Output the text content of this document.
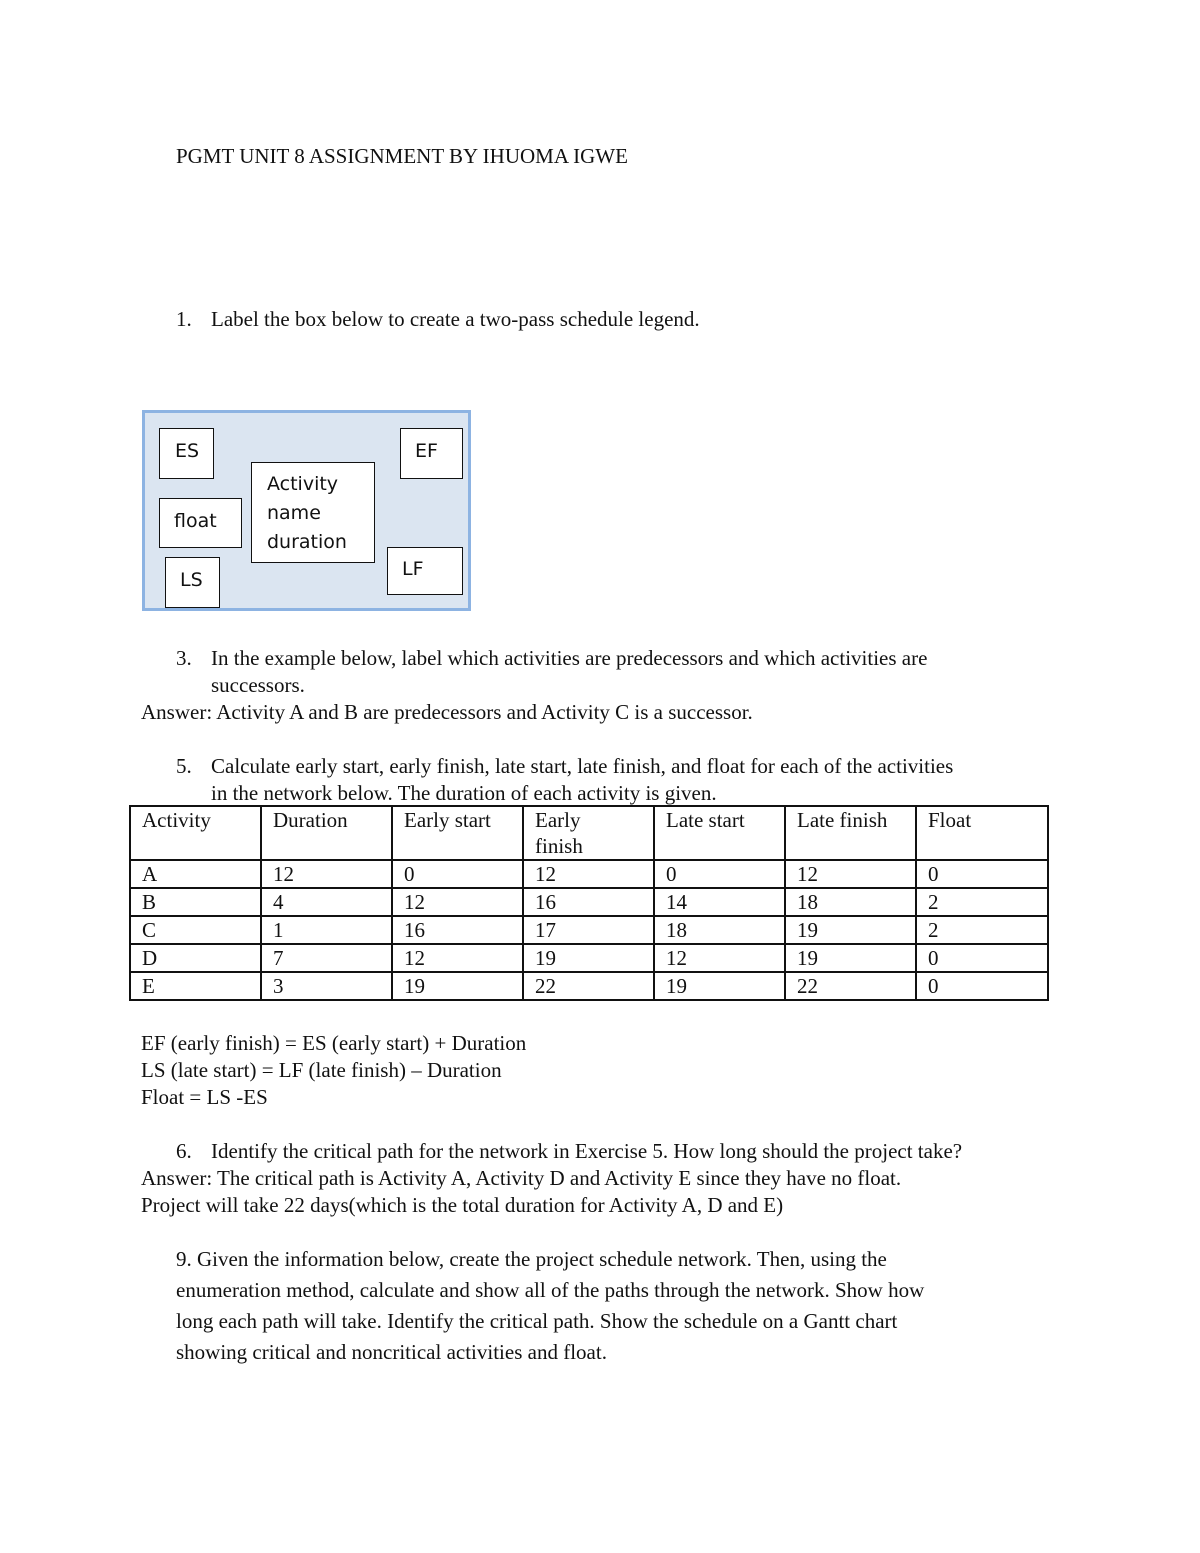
PGMT UNIT 8 ASSIGNMENT BY IHUOMA IGWE
1. Label the box below to create a two-pass schedule legend.
ES	EF
Activity
name
duration
float
LS	LF
3. In the example below, label which activities are predecessors and which activities are
successors.
Answer: Activity A and B are predecessors and Activity C is a successor.
5. Calculate early start, early finish, late start, late finish, and float for each of the activities
in the network below. The duration of each activity is given.
Activity	Duration	Early start	Early finish	Late start	Late finish	Float
A	12	0	12	0	12	0
B	4	12	16	14	18	2
C	1	16	17	18	19	2
D	7	12	19	12	19	0
E	3	19	22	19	22	0
EF (early finish) = ES (early start) + Duration
LS (late start) = LF (late finish) – Duration
Float = LS -ES
6. Identify the critical path for the network in Exercise 5. How long should the project take?
Answer: The critical path is Activity A, Activity D and Activity E since they have no float.
Project will take 22 days(which is the total duration for Activity A, D and E)
9. Given the information below, create the project schedule network. Then, using the
enumeration method, calculate and show all of the paths through the network. Show how
long each path will take. Identify the critical path. Show the schedule on a Gantt chart
showing critical and noncritical activities and float.
